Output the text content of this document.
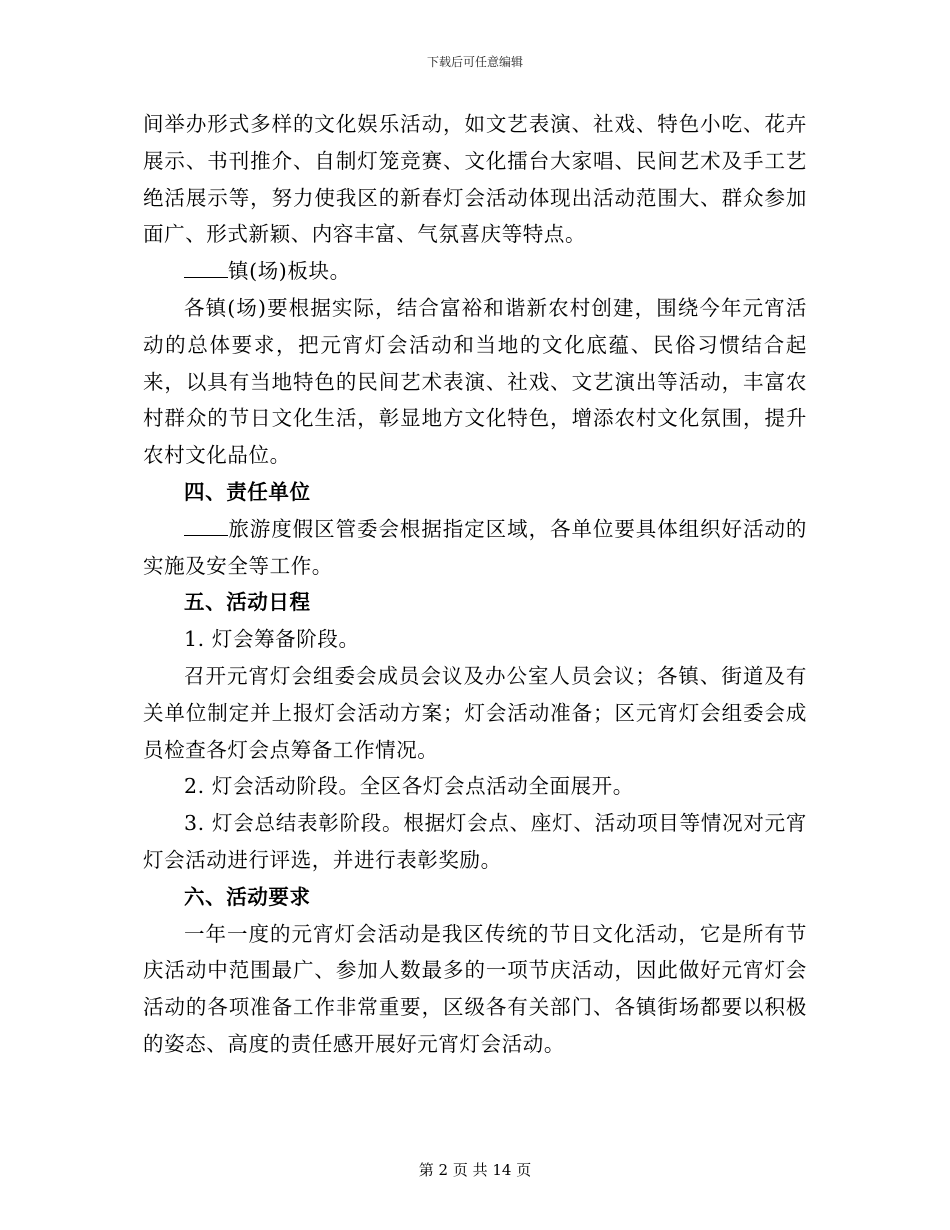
下载后可任意编辑

间举办形式多样的文化娱乐活动，如文艺表演、社戏、特色小吃、花卉展示、书刊推介、自制灯笼竞赛、文化擂台大家唱、民间艺术及手工艺绝活展示等，努力使我区的新春灯会活动体现出活动范围大、群众参加面广、形式新颖、内容丰富、气氛喜庆等特点。

镇(场)板块。

各镇(场)要根据实际，结合富裕和谐新农村创建，围绕今年元宵活动的总体要求，把元宵灯会活动和当地的文化底蕴、民俗习惯结合起来，以具有当地特色的民间艺术表演、社戏、文艺演出等活动，丰富农村群众的节日文化生活，彰显地方文化特色，增添农村文化氛围，提升农村文化品位。

四、责任单位

旅游度假区管委会根据指定区域，各单位要具体组织好活动的实施及安全等工作。

五、活动日程

1. 灯会筹备阶段。

召开元宵灯会组委会成员会议及办公室人员会议；各镇、街道及有关单位制定并上报灯会活动方案；灯会活动准备；区元宵灯会组委会成员检查各灯会点筹备工作情况。

2. 灯会活动阶段。全区各灯会点活动全面展开。

3. 灯会总结表彰阶段。根据灯会点、座灯、活动项目等情况对元宵灯会活动进行评选，并进行表彰奖励。

六、活动要求

一年一度的元宵灯会活动是我区传统的节日文化活动，它是所有节庆活动中范围最广、参加人数最多的一项节庆活动，因此做好元宵灯会活动的各项准备工作非常重要，区级各有关部门、各镇街场都要以积极的姿态、高度的责任感开展好元宵灯会活动。

第 2 页 共 14 页
